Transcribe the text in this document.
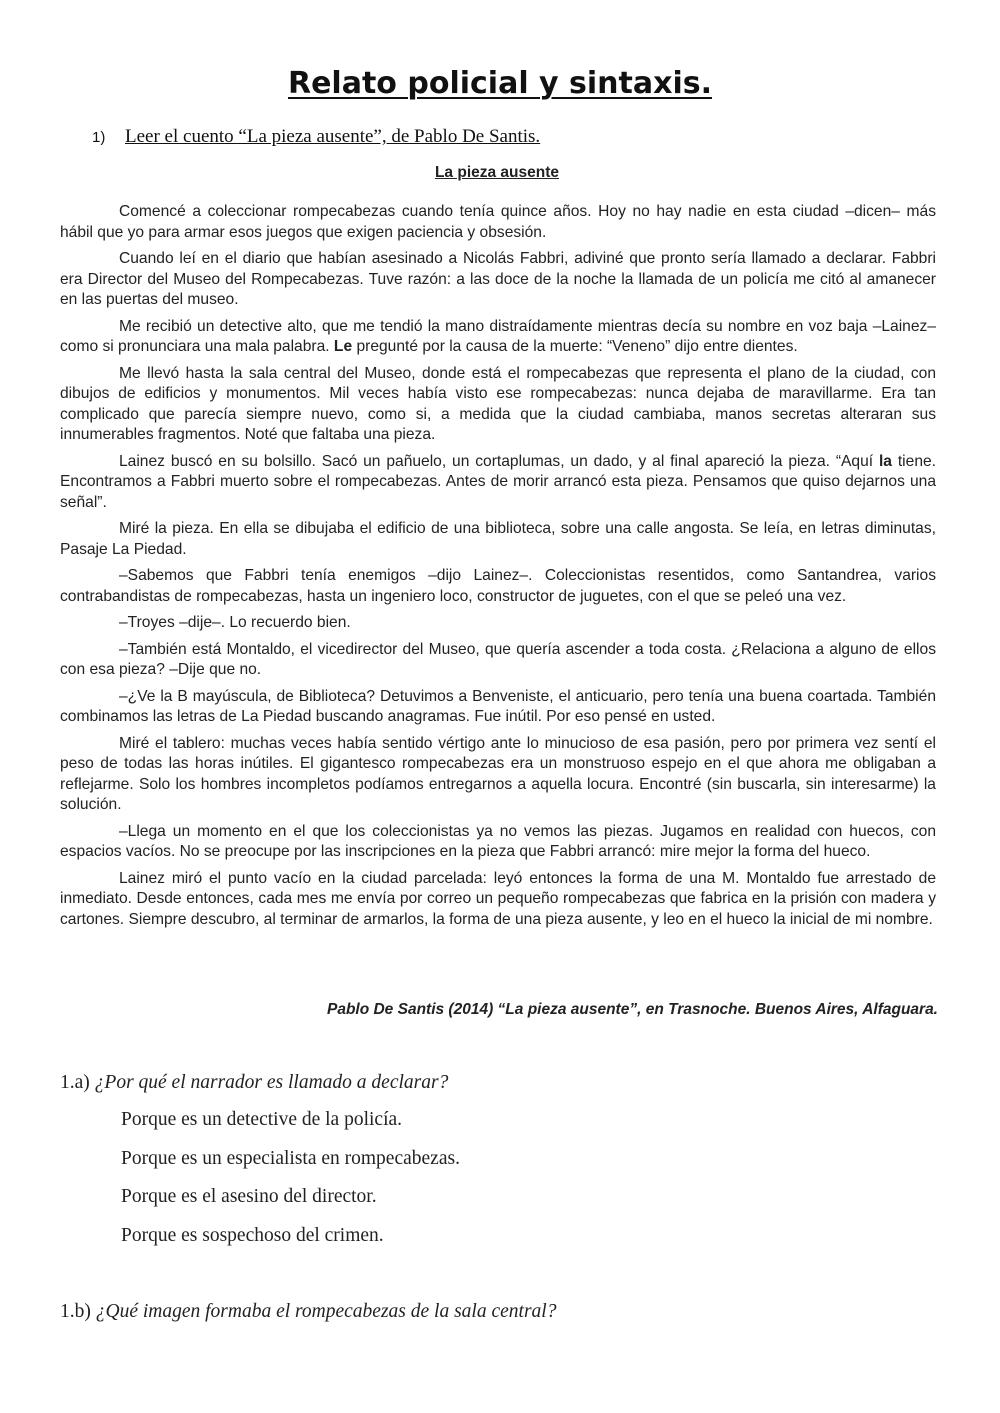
Relato policial y sintaxis.
1) Leer el cuento “La pieza ausente”, de Pablo De Santis.
La pieza ausente

Comencé a coleccionar rompecabezas cuando tenía quince años. Hoy no hay nadie en esta ciudad –dicen– más hábil que yo para armar esos juegos que exigen paciencia y obsesión.

Cuando leí en el diario que habían asesinado a Nicolás Fabbri, adiviné que pronto sería llamado a declarar. Fabbri era Director del Museo del Rompecabezas. Tuve razón: a las doce de la noche la llamada de un policía me citó al amanecer en las puertas del museo.

Me recibió un detective alto, que me tendió la mano distraídamente mientras decía su nombre en voz baja –Lainez– como si pronunciara una mala palabra. Le pregunté por la causa de la muerte: “Veneno” dijo entre dientes.

Me llevó hasta la sala central del Museo, donde está el rompecabezas que representa el plano de la ciudad, con dibujos de edificios y monumentos. Mil veces había visto ese rompecabezas: nunca dejaba de maravillarme. Era tan complicado que parecía siempre nuevo, como si, a medida que la ciudad cambiaba, manos secretas alteraran sus innumerables fragmentos. Noté que faltaba una pieza.

Lainez buscó en su bolsillo. Sacó un pañuelo, un cortaplumas, un dado, y al final apareció la pieza. “Aquí la tiene. Encontramos a Fabbri muerto sobre el rompecabezas. Antes de morir arrancó esta pieza. Pensamos que quiso dejarnos una señal”.

Miré la pieza. En ella se dibujaba el edificio de una biblioteca, sobre una calle angosta. Se leía, en letras diminutas, Pasaje La Piedad.

–Sabemos que Fabbri tenía enemigos –dijo Lainez–. Coleccionistas resentidos, como Santandrea, varios contrabandistas de rompecabezas, hasta un ingeniero loco, constructor de juguetes, con el que se peleó una vez.

–Troyes –dije–. Lo recuerdo bien.

–También está Montaldo, el vicedirector del Museo, que quería ascender a toda costa. ¿Relaciona a alguno de ellos con esa pieza? –Dije que no.

–¿Ve la B mayúscula, de Biblioteca? Detuvimos a Benveniste, el anticuario, pero tenía una buena coartada. También combinamos las letras de La Piedad buscando anagramas. Fue inútil. Por eso pensé en usted.

Miré el tablero: muchas veces había sentido vértigo ante lo minucioso de esa pasión, pero por primera vez sentí el peso de todas las horas inútiles. El gigantesco rompecabezas era un monstruoso espejo en el que ahora me obligaban a reflejarme. Solo los hombres incompletos podíamos entregarnos a aquella locura. Encontré (sin buscarla, sin interesarme) la solución.

–Llega un momento en el que los coleccionistas ya no vemos las piezas. Jugamos en realidad con huecos, con espacios vacíos. No se preocupe por las inscripciones en la pieza que Fabbri arrancó: mire mejor la forma del hueco.

Lainez miró el punto vacío en la ciudad parcelada: leyó entonces la forma de una M. Montaldo fue arrestado de inmediato. Desde entonces, cada mes me envía por correo un pequeño rompecabezas que fabrica en la prisión con madera y cartones. Siempre descubro, al terminar de armarlos, la forma de una pieza ausente, y leo en el hueco la inicial de mi nombre.

Pablo De Santis (2014) “La pieza ausente”, en Trasnoche. Buenos Aires, Alfaguara.
1.a) ¿Por qué el narrador es llamado a declarar?
Porque es un detective de la policía.
Porque es un especialista en rompecabezas.
Porque es el asesino del director.
Porque es sospechoso del crimen.
1.b) ¿Qué imagen formaba el rompecabezas de la sala central?
